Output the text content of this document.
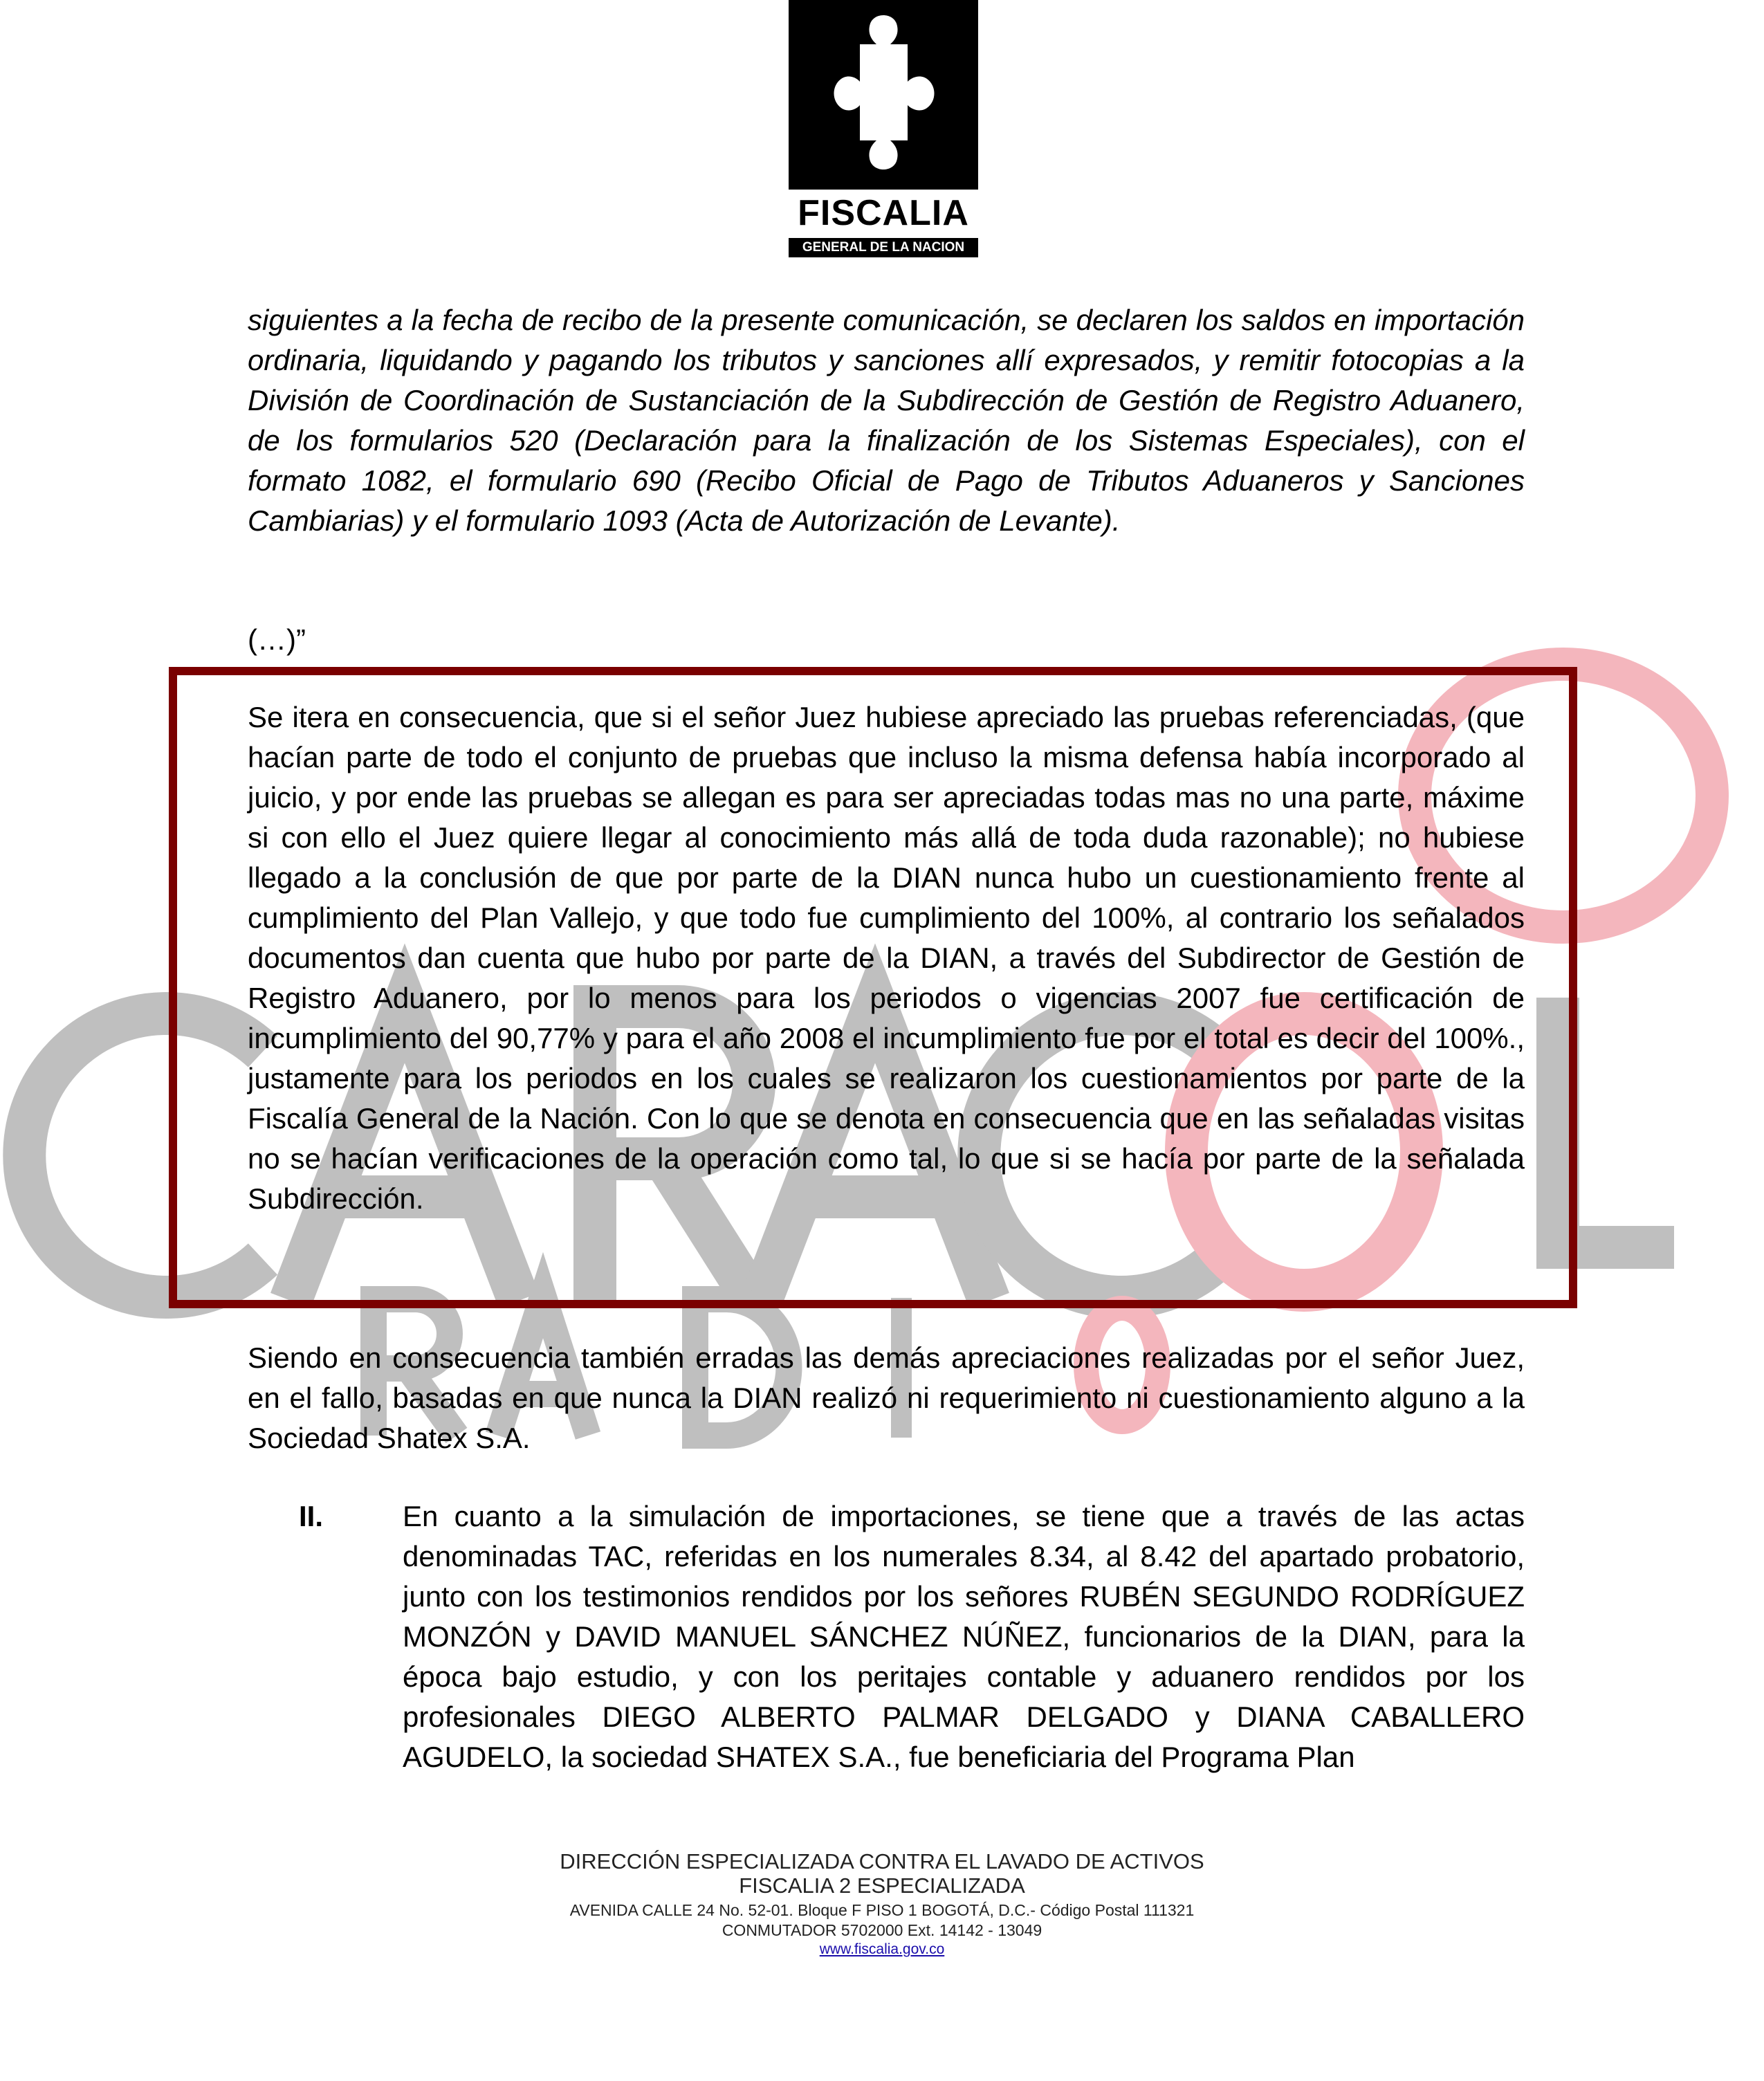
FISCALIA
GENERAL DE LA NACION
siguientes a la fecha de recibo de la presente comunicación, se declaren los saldos en importación ordinaria, liquidando y pagando los tributos y sanciones allí expresados, y remitir fotocopias a la División de Coordinación de Sustanciación de la Subdirección de Gestión de Registro Aduanero, de los formularios 520 (Declaración para la finalización de los Sistemas Especiales), con el formato 1082, el formulario 690 (Recibo Oficial de Pago de Tributos Aduaneros y Sanciones Cambiarias) y el formulario 1093 (Acta de Autorización de Levante).
(…)”
Se itera en consecuencia, que si el señor Juez hubiese apreciado las pruebas referenciadas, (que hacían parte de todo el conjunto de pruebas que incluso la misma defensa había incorporado al juicio, y por ende las pruebas se allegan es para ser apreciadas todas mas no una parte, máxime si con ello el Juez quiere llegar al conocimiento más allá de toda duda razonable); no hubiese llegado a la conclusión de que por parte de la DIAN nunca hubo un cuestionamiento frente al cumplimiento del Plan Vallejo, y que todo fue cumplimiento del 100%, al contrario los señalados documentos dan cuenta que hubo por parte de la DIAN, a través del Subdirector de Gestión de Registro Aduanero, por lo menos para los periodos o vigencias 2007 fue certificación de incumplimiento del 90,77% y para el año 2008 el incumplimiento fue por el total es decir del 100%., justamente para los periodos en los cuales se realizaron los cuestionamientos por parte de la Fiscalía General de la Nación. Con lo que se denota en consecuencia que en las señaladas visitas no se hacían verificaciones de la operación como tal, lo que si se hacía por parte de la señalada Subdirección.
Siendo en consecuencia también erradas las demás apreciaciones realizadas por el señor Juez, en el fallo, basadas en que nunca la DIAN realizó ni requerimiento ni cuestionamiento alguno a la Sociedad Shatex S.A.
II.	En cuanto a la simulación de importaciones, se tiene que a través de las actas denominadas TAC, referidas en los numerales 8.34, al 8.42 del apartado probatorio, junto con los testimonios rendidos por los señores RUBÉN SEGUNDO RODRÍGUEZ MONZÓN y DAVID MANUEL SÁNCHEZ NÚÑEZ, funcionarios de la DIAN, para la época bajo estudio, y con los peritajes contable y aduanero rendidos por los profesionales DIEGO ALBERTO PALMAR DELGADO y DIANA CABALLERO AGUDELO, la sociedad SHATEX S.A., fue beneficiaria del Programa Plan
DIRECCIÓN ESPECIALIZADA CONTRA EL LAVADO DE ACTIVOS
FISCALIA 2 ESPECIALIZADA
AVENIDA CALLE 24 No. 52-01. Bloque F PISO 1 BOGOTÁ, D.C.- Código Postal 111321
CONMUTADOR 5702000 Ext. 14142 - 13049
www.fiscalia.gov.co
